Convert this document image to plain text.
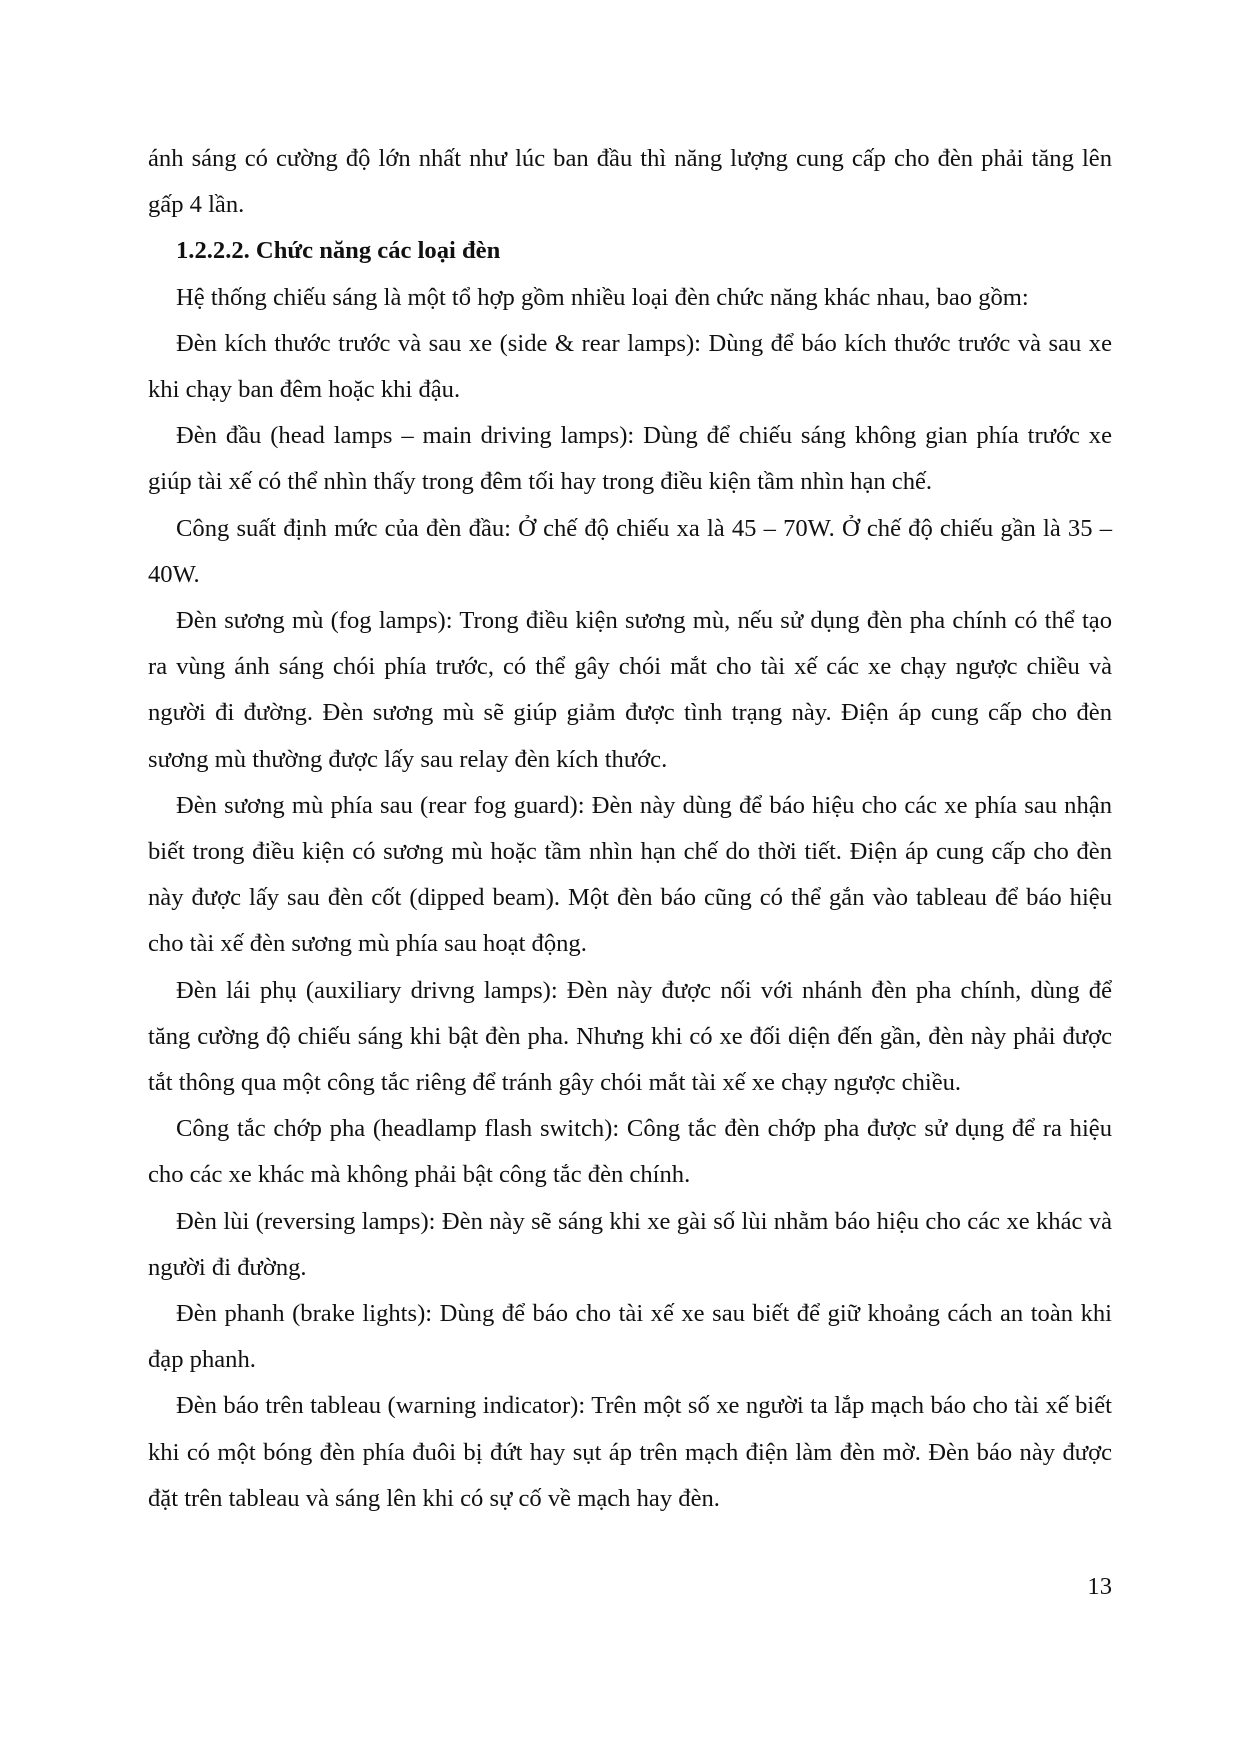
ánh sáng có cường độ lớn nhất như lúc ban đầu thì năng lượng cung cấp cho đèn phải tăng lên gấp 4 lần.

1.2.2.2. Chức năng các loại đèn

Hệ thống chiếu sáng là một tổ hợp gồm nhiều loại đèn chức năng khác nhau, bao gồm:

Đèn kích thước trước và sau xe (side & rear lamps): Dùng để báo kích thước trước và sau xe khi chạy ban đêm hoặc khi đậu.

Đèn đầu (head lamps – main driving lamps): Dùng để chiếu sáng không gian phía trước xe giúp tài xế có thể nhìn thấy trong đêm tối hay trong điều kiện tầm nhìn hạn chế.

Công suất định mức của đèn đầu: Ở chế độ chiếu xa là 45 – 70W. Ở chế độ chiếu gần là 35 – 40W.

Đèn sương mù (fog lamps): Trong điều kiện sương mù, nếu sử dụng đèn pha chính có thể tạo ra vùng ánh sáng chói phía trước, có thể gây chói mắt cho tài xế các xe chạy ngược chiều và người đi đường. Đèn sương mù sẽ giúp giảm được tình trạng này. Điện áp cung cấp cho đèn sương mù thường được lấy sau relay đèn kích thước.

Đèn sương mù phía sau (rear fog guard): Đèn này dùng để báo hiệu cho các xe phía sau nhận biết trong điều kiện có sương mù hoặc tầm nhìn hạn chế do thời tiết. Điện áp cung cấp cho đèn này được lấy sau đèn cốt (dipped beam). Một đèn báo cũng có thể gắn vào tableau để báo hiệu cho tài xế đèn sương mù phía sau hoạt động.

Đèn lái phụ (auxiliary drivng lamps): Đèn này được nối với nhánh đèn pha chính, dùng để tăng cường độ chiếu sáng khi bật đèn pha. Nhưng khi có xe đối diện đến gần, đèn này phải được tắt thông qua một công tắc riêng để tránh gây chói mắt tài xế xe chạy ngược chiều.

Công tắc chớp pha (headlamp flash switch): Công tắc đèn chớp pha được sử dụng để ra hiệu cho các xe khác mà không phải bật công tắc đèn chính.

Đèn lùi (reversing lamps): Đèn này sẽ sáng khi xe gài số lùi nhằm báo hiệu cho các xe khác và người đi đường.

Đèn phanh (brake lights): Dùng để báo cho tài xế xe sau biết để giữ khoảng cách an toàn khi đạp phanh.

Đèn báo trên tableau (warning indicator): Trên một số xe người ta lắp mạch báo cho tài xế biết khi có một bóng đèn phía đuôi bị đứt hay sụt áp trên mạch điện làm đèn mờ. Đèn báo này được đặt trên tableau và sáng lên khi có sự cố về mạch hay đèn.

13
